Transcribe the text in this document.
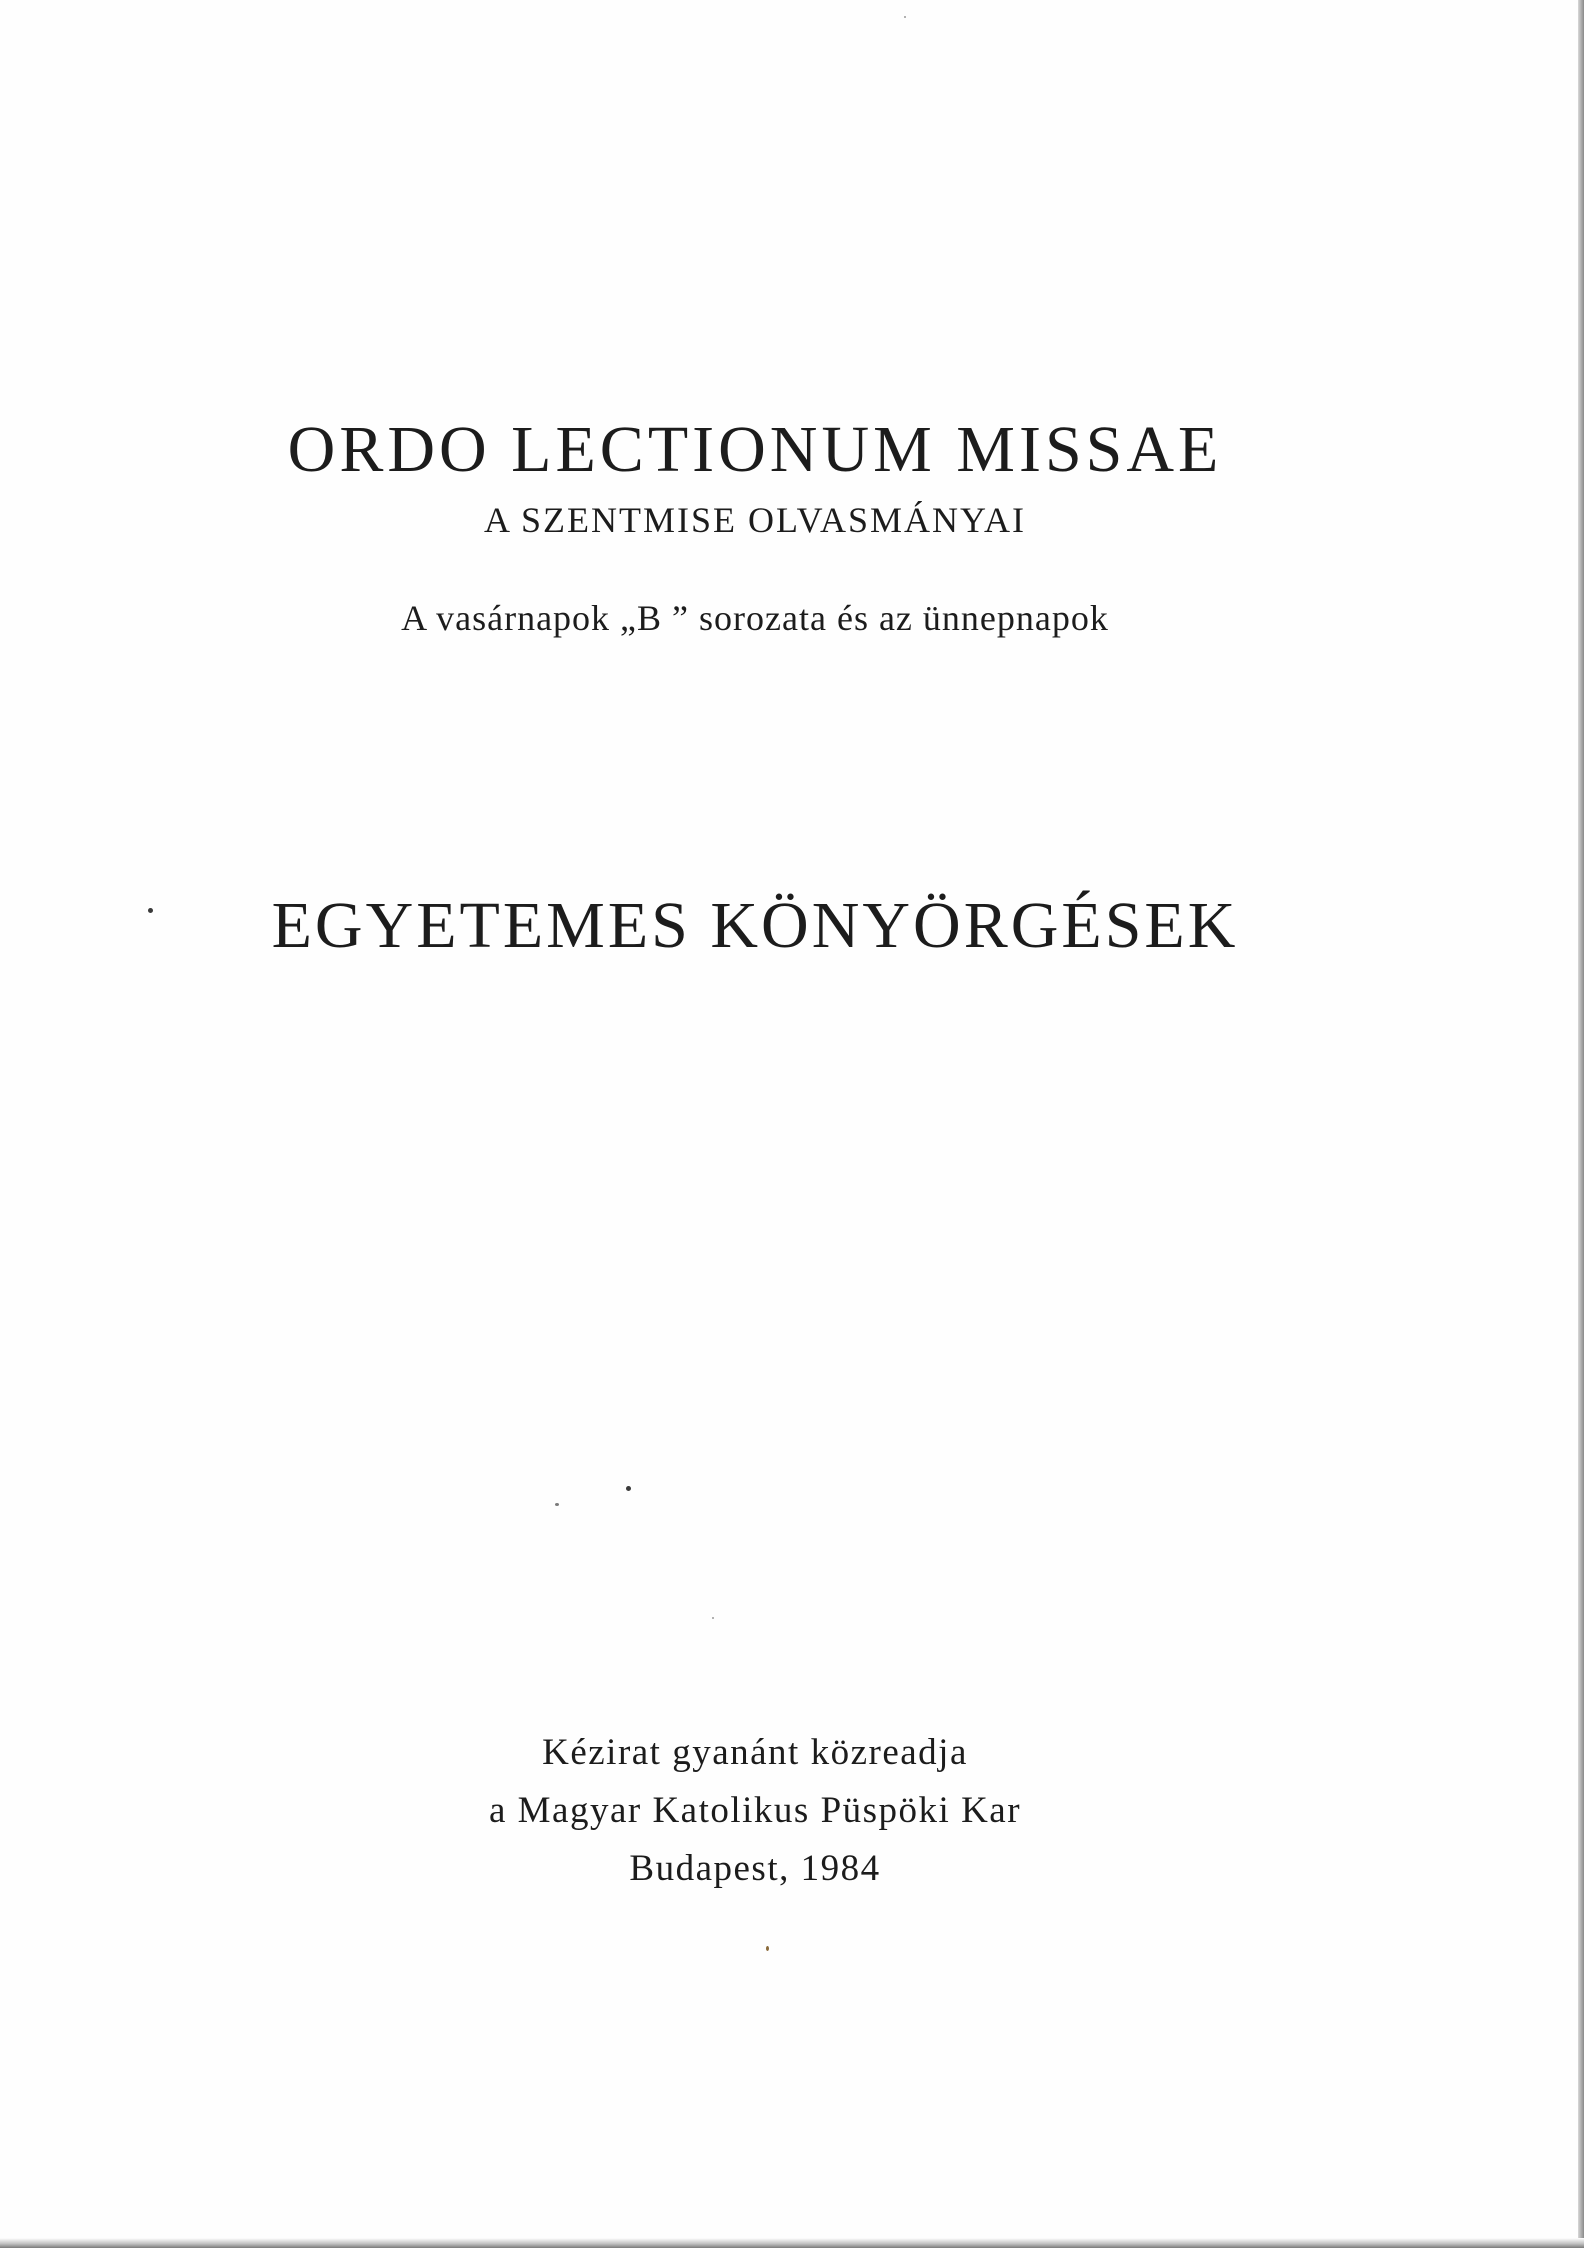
ORDO LECTIONUM MISSAE
A SZENTMISE OLVASMÁNYAI
A vasárnapok „B ” sorozata és az ünnepnapok
EGYETEMES KÖNYÖRGÉSEK
Kézirat gyanánt közreadja
a Magyar Katolikus Püspöki Kar
Budapest, 1984
